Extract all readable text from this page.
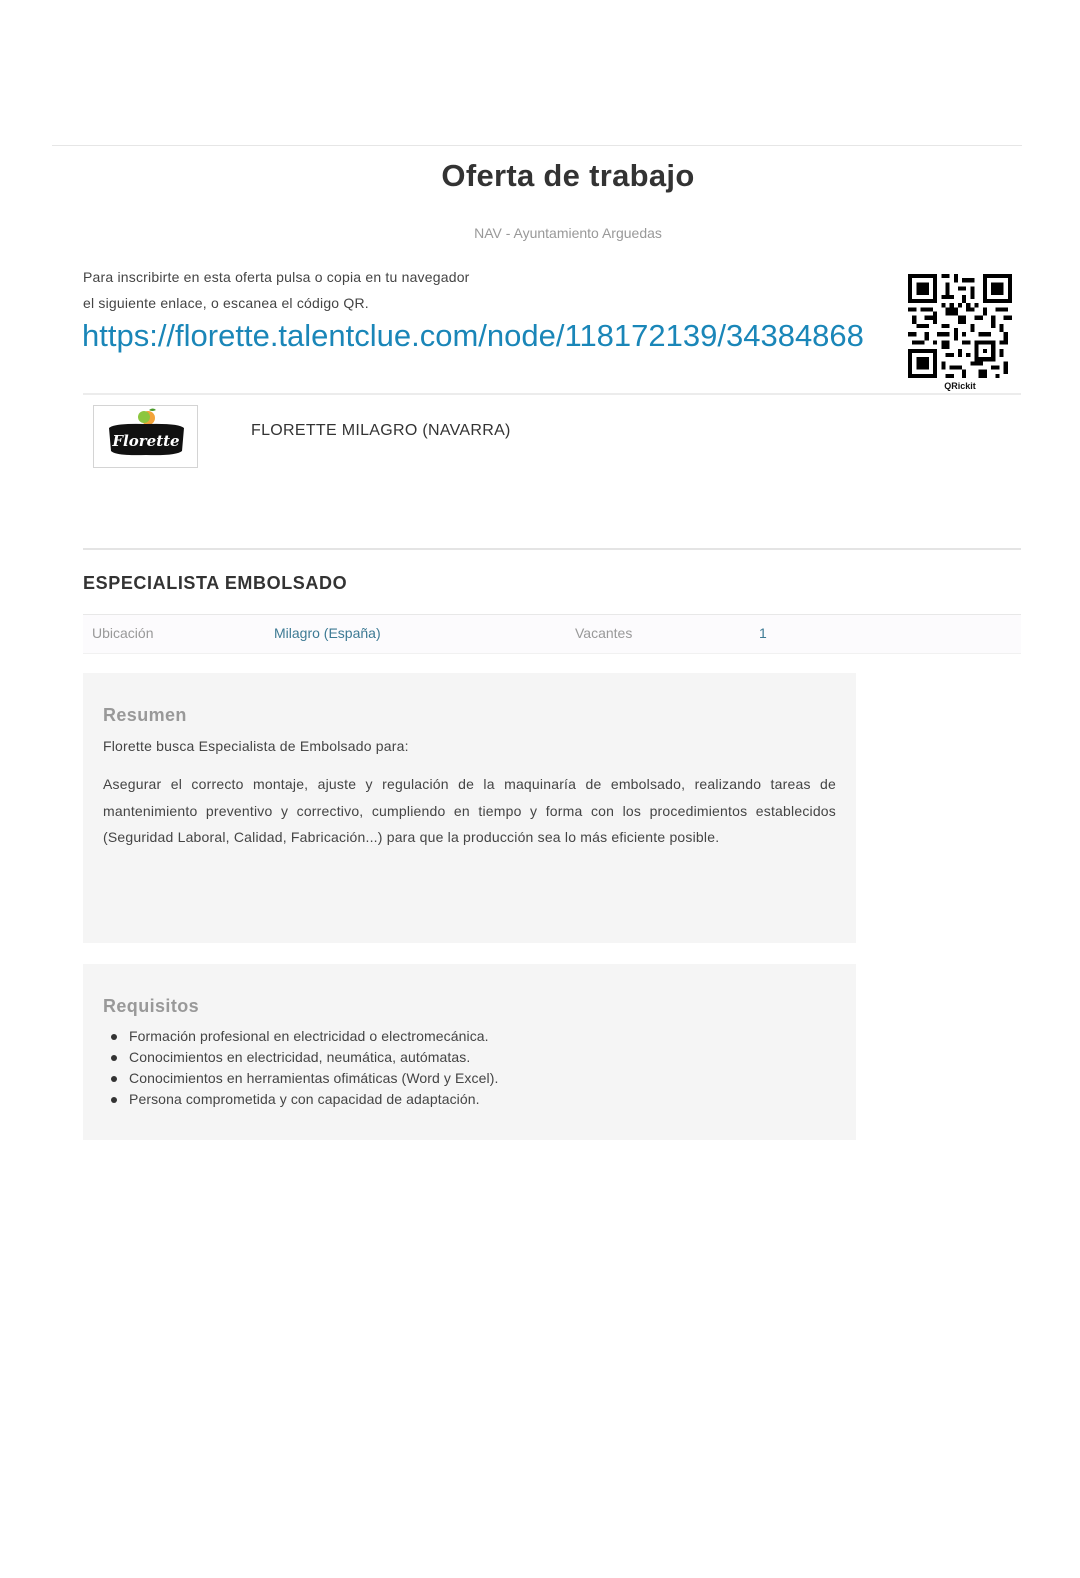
Oferta de trabajo
NAV - Ayuntamiento Arguedas
Para inscribirte en esta oferta pulsa o copia en tu navegador
el siguiente enlace, o escanea el código QR.
https://florette.talentclue.com/node/118172139/34384868
QRickit
Florette
FLORETTE MILAGRO (NAVARRA)
ESPECIALISTA EMBOLSADO
Ubicación	Milagro (España)	Vacantes	1
Resumen

Florette busca Especialista de Embolsado para:

Asegurar el correcto montaje, ajuste y regulación de la maquinaría de embolsado, realizando tareas de mantenimiento preventivo y correctivo, cumpliendo en tiempo y forma con los procedimientos establecidos (Seguridad Laboral, Calidad, Fabricación...) para que la producción sea lo más eficiente posible.

Requisitos
Formación profesional en electricidad o electromecánica.
Conocimientos en electricidad, neumática, autómatas.
Conocimientos en herramientas ofimáticas (Word y Excel).
Persona comprometida y con capacidad de adaptación.
